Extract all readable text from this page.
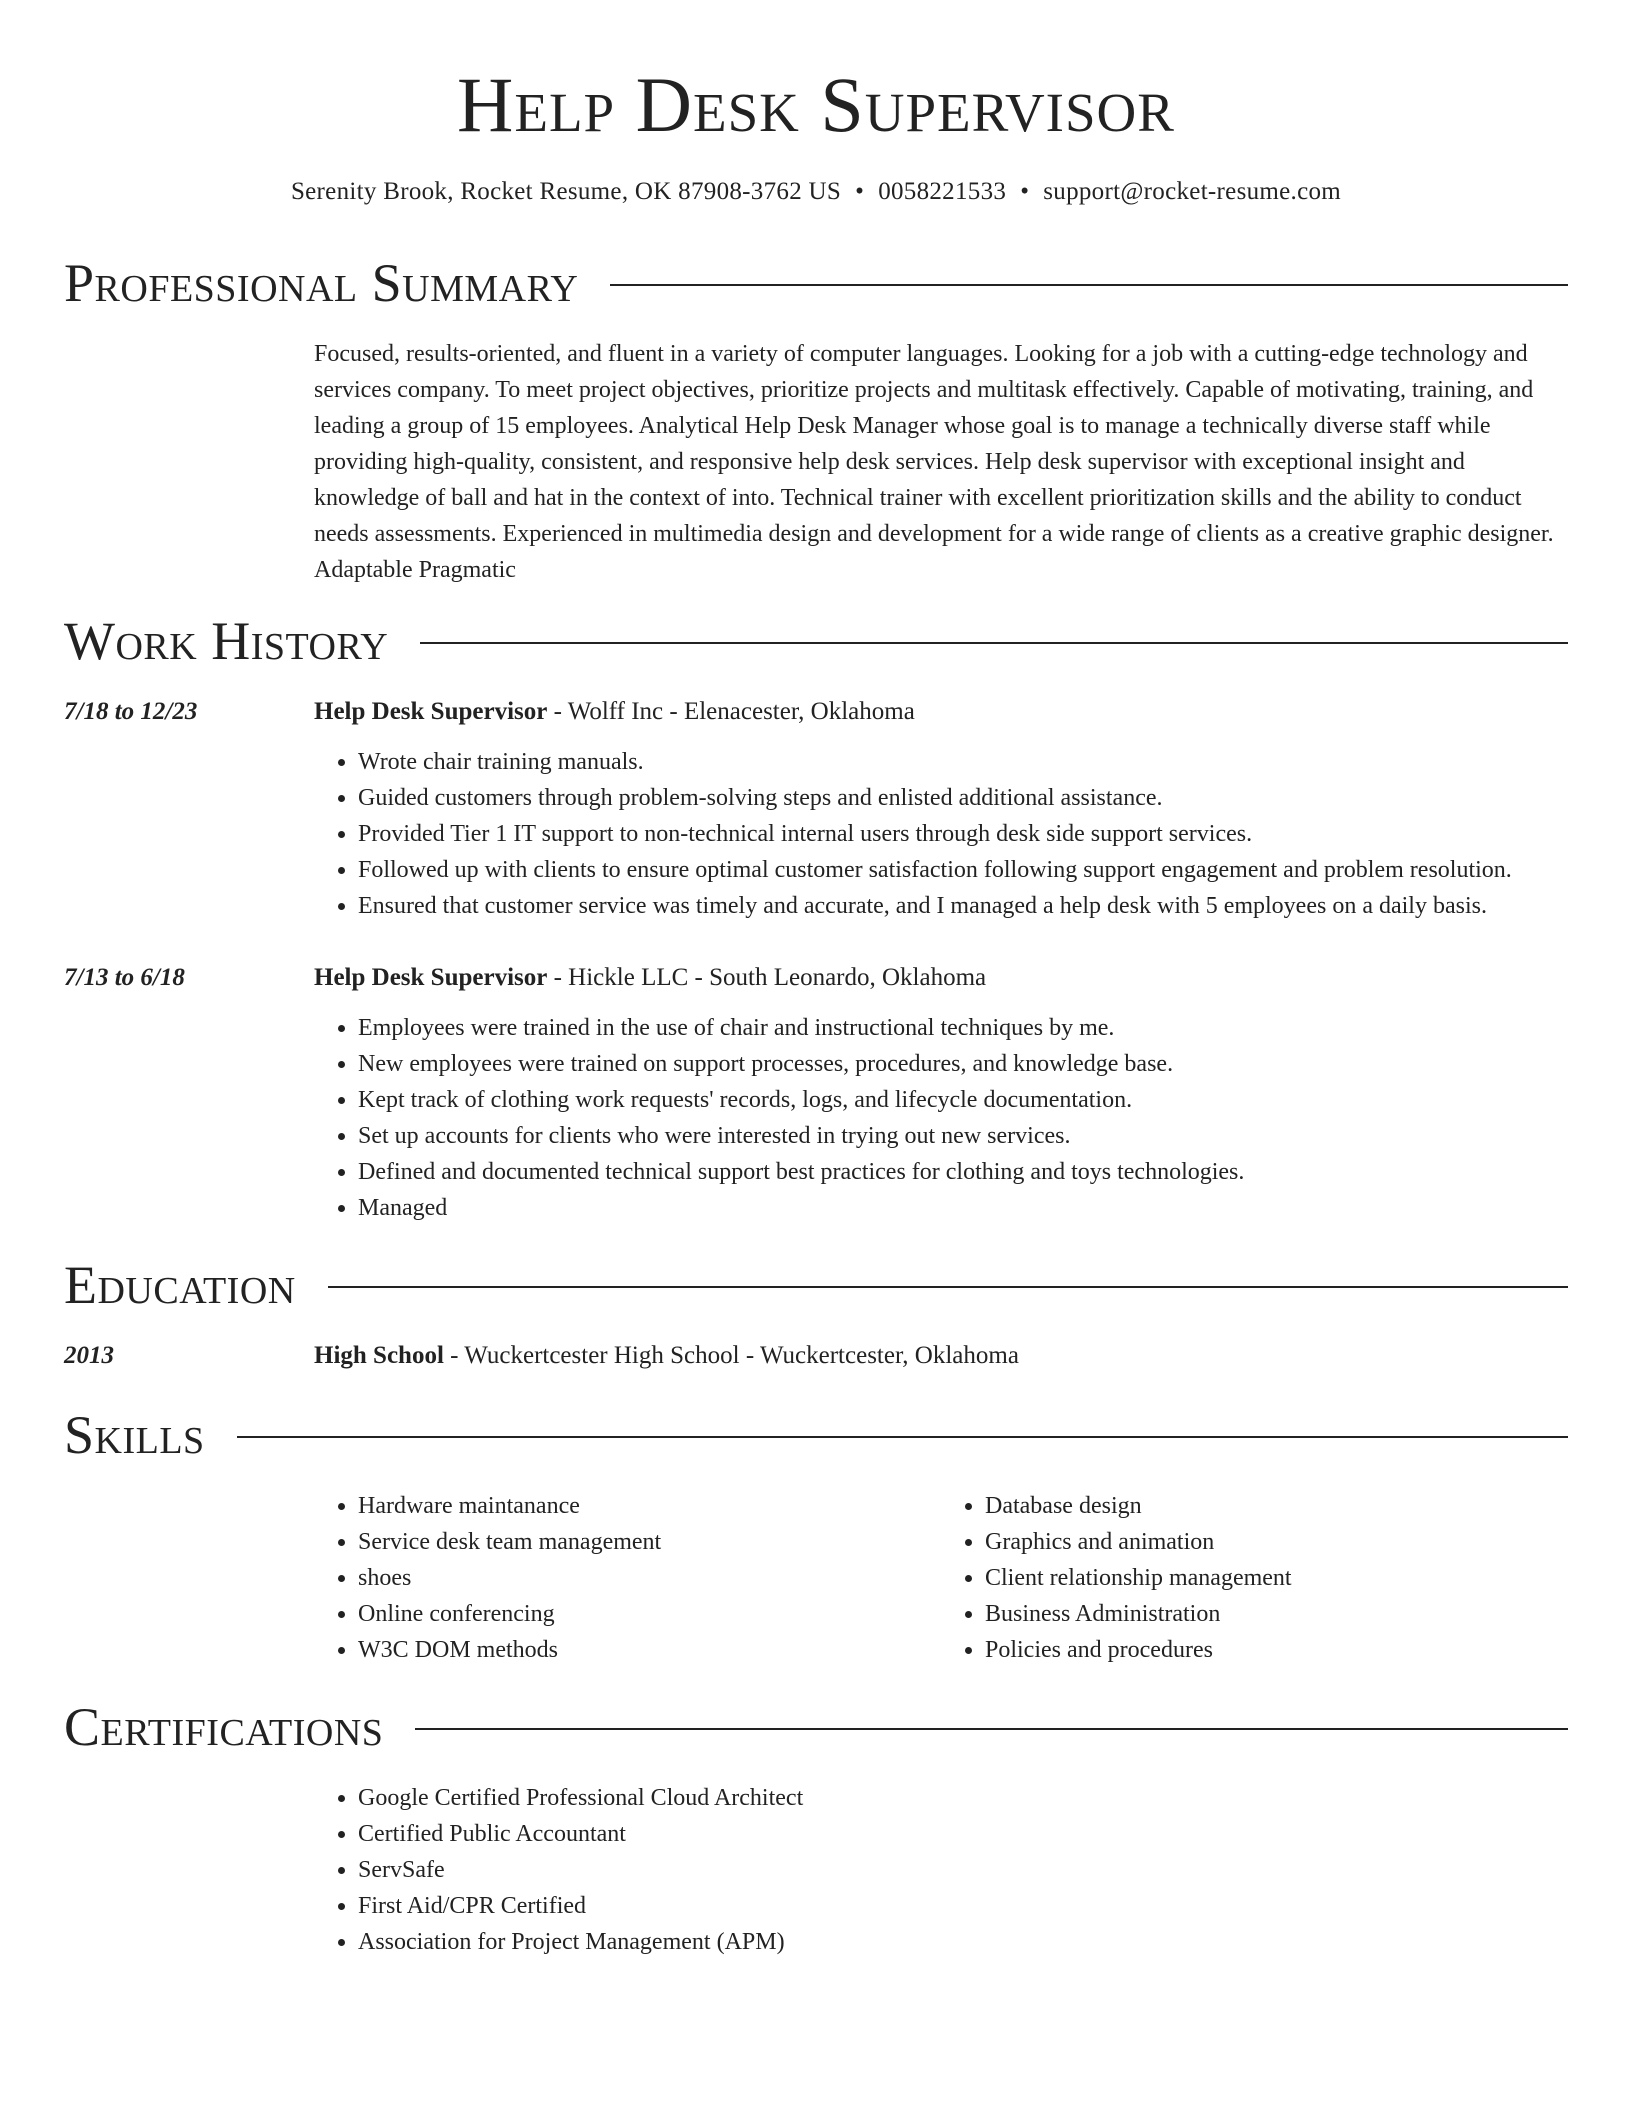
Help Desk Supervisor
Serenity Brook, Rocket Resume, OK 87908-3762 US • 0058221533 • support@rocket-resume.com
Professional Summary

Focused, results-oriented, and fluent in a variety of computer languages. Looking for a job with a cutting-edge technology and services company. To meet project objectives, prioritize projects and multitask effectively. Capable of motivating, training, and leading a group of 15 employees. Analytical Help Desk Manager whose goal is to manage a technically diverse staff while providing high-quality, consistent, and responsive help desk services. Help desk supervisor with exceptional insight and knowledge of ball and hat in the context of into. Technical trainer with excellent prioritization skills and the ability to conduct needs assessments. Experienced in multimedia design and development for a wide range of clients as a creative graphic designer. Adaptable Pragmatic

Work History
7/18 to 12/23	Help Desk Supervisor - Wolff Inc - Elenacester, Oklahoma
• Wrote chair training manuals.
• Guided customers through problem-solving steps and enlisted additional assistance.
• Provided Tier 1 IT support to non-technical internal users through desk side support services.
• Followed up with clients to ensure optimal customer satisfaction following support engagement and problem resolution.
• Ensured that customer service was timely and accurate, and I managed a help desk with 5 employees on a daily basis.
7/13 to 6/18	Help Desk Supervisor - Hickle LLC - South Leonardo, Oklahoma
• Employees were trained in the use of chair and instructional techniques by me.
• New employees were trained on support processes, procedures, and knowledge base.
• Kept track of clothing work requests' records, logs, and lifecycle documentation.
• Set up accounts for clients who were interested in trying out new services.
• Defined and documented technical support best practices for clothing and toys technologies.
• Managed
Education
2013	High School - Wuckertcester High School - Wuckertcester, Oklahoma
Skills
• Hardware maintanance
• Service desk team management
• shoes
• Online conferencing
• W3C DOM methods
• Database design
• Graphics and animation
• Client relationship management
• Business Administration
• Policies and procedures
Certifications
• Google Certified Professional Cloud Architect
• Certified Public Accountant
• ServSafe
• First Aid/CPR Certified
• Association for Project Management (APM)
